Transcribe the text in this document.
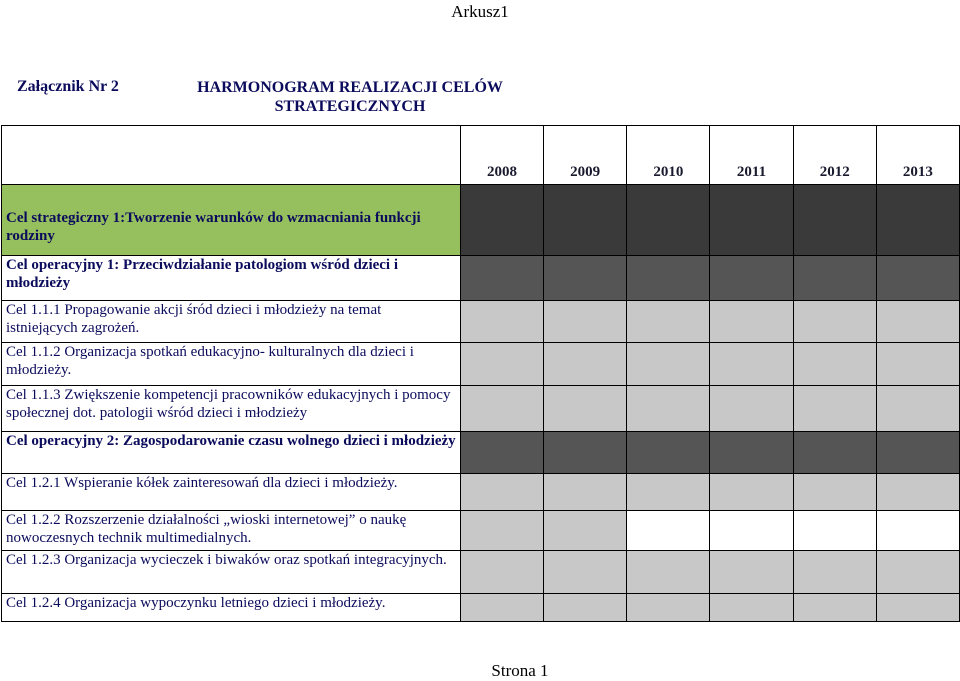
Arkusz1
Załącznik Nr 2	HARMONOGRAM REALIZACJI CELÓW STRATEGICZNYCH
	2008	2009	2010	2011	2012	2013
Cel strategiczny 1:Tworzenie warunków do wzmacniania funkcji rodziny						
Cel operacyjny 1: Przeciwdziałanie patologiom wśród dzieci i młodzieży						
Cel 1.1.1 Propagowanie akcji śród dzieci i młodzieży na temat istniejących zagrożeń.						
Cel 1.1.2 Organizacja spotkań edukacyjno- kulturalnych dla dzieci i młodzieży.						
Cel 1.1.3 Zwiększenie kompetencji pracowników edukacyjnych i pomocy społecznej dot. patologii wśród dzieci i młodzieży						
Cel operacyjny 2: Zagospodarowanie czasu wolnego dzieci i młodzieży						
Cel 1.2.1 Wspieranie kółek zainteresowań dla dzieci i młodzieży.						
Cel 1.2.2 Rozszerzenie działalności „wioski internetowej” o naukę nowoczesnych technik multimedialnych.						
Cel 1.2.3 Organizacja wycieczek i biwaków oraz spotkań integracyjnych.						
Cel 1.2.4 Organizacja wypoczynku letniego dzieci i młodzieży.						
Strona 1
